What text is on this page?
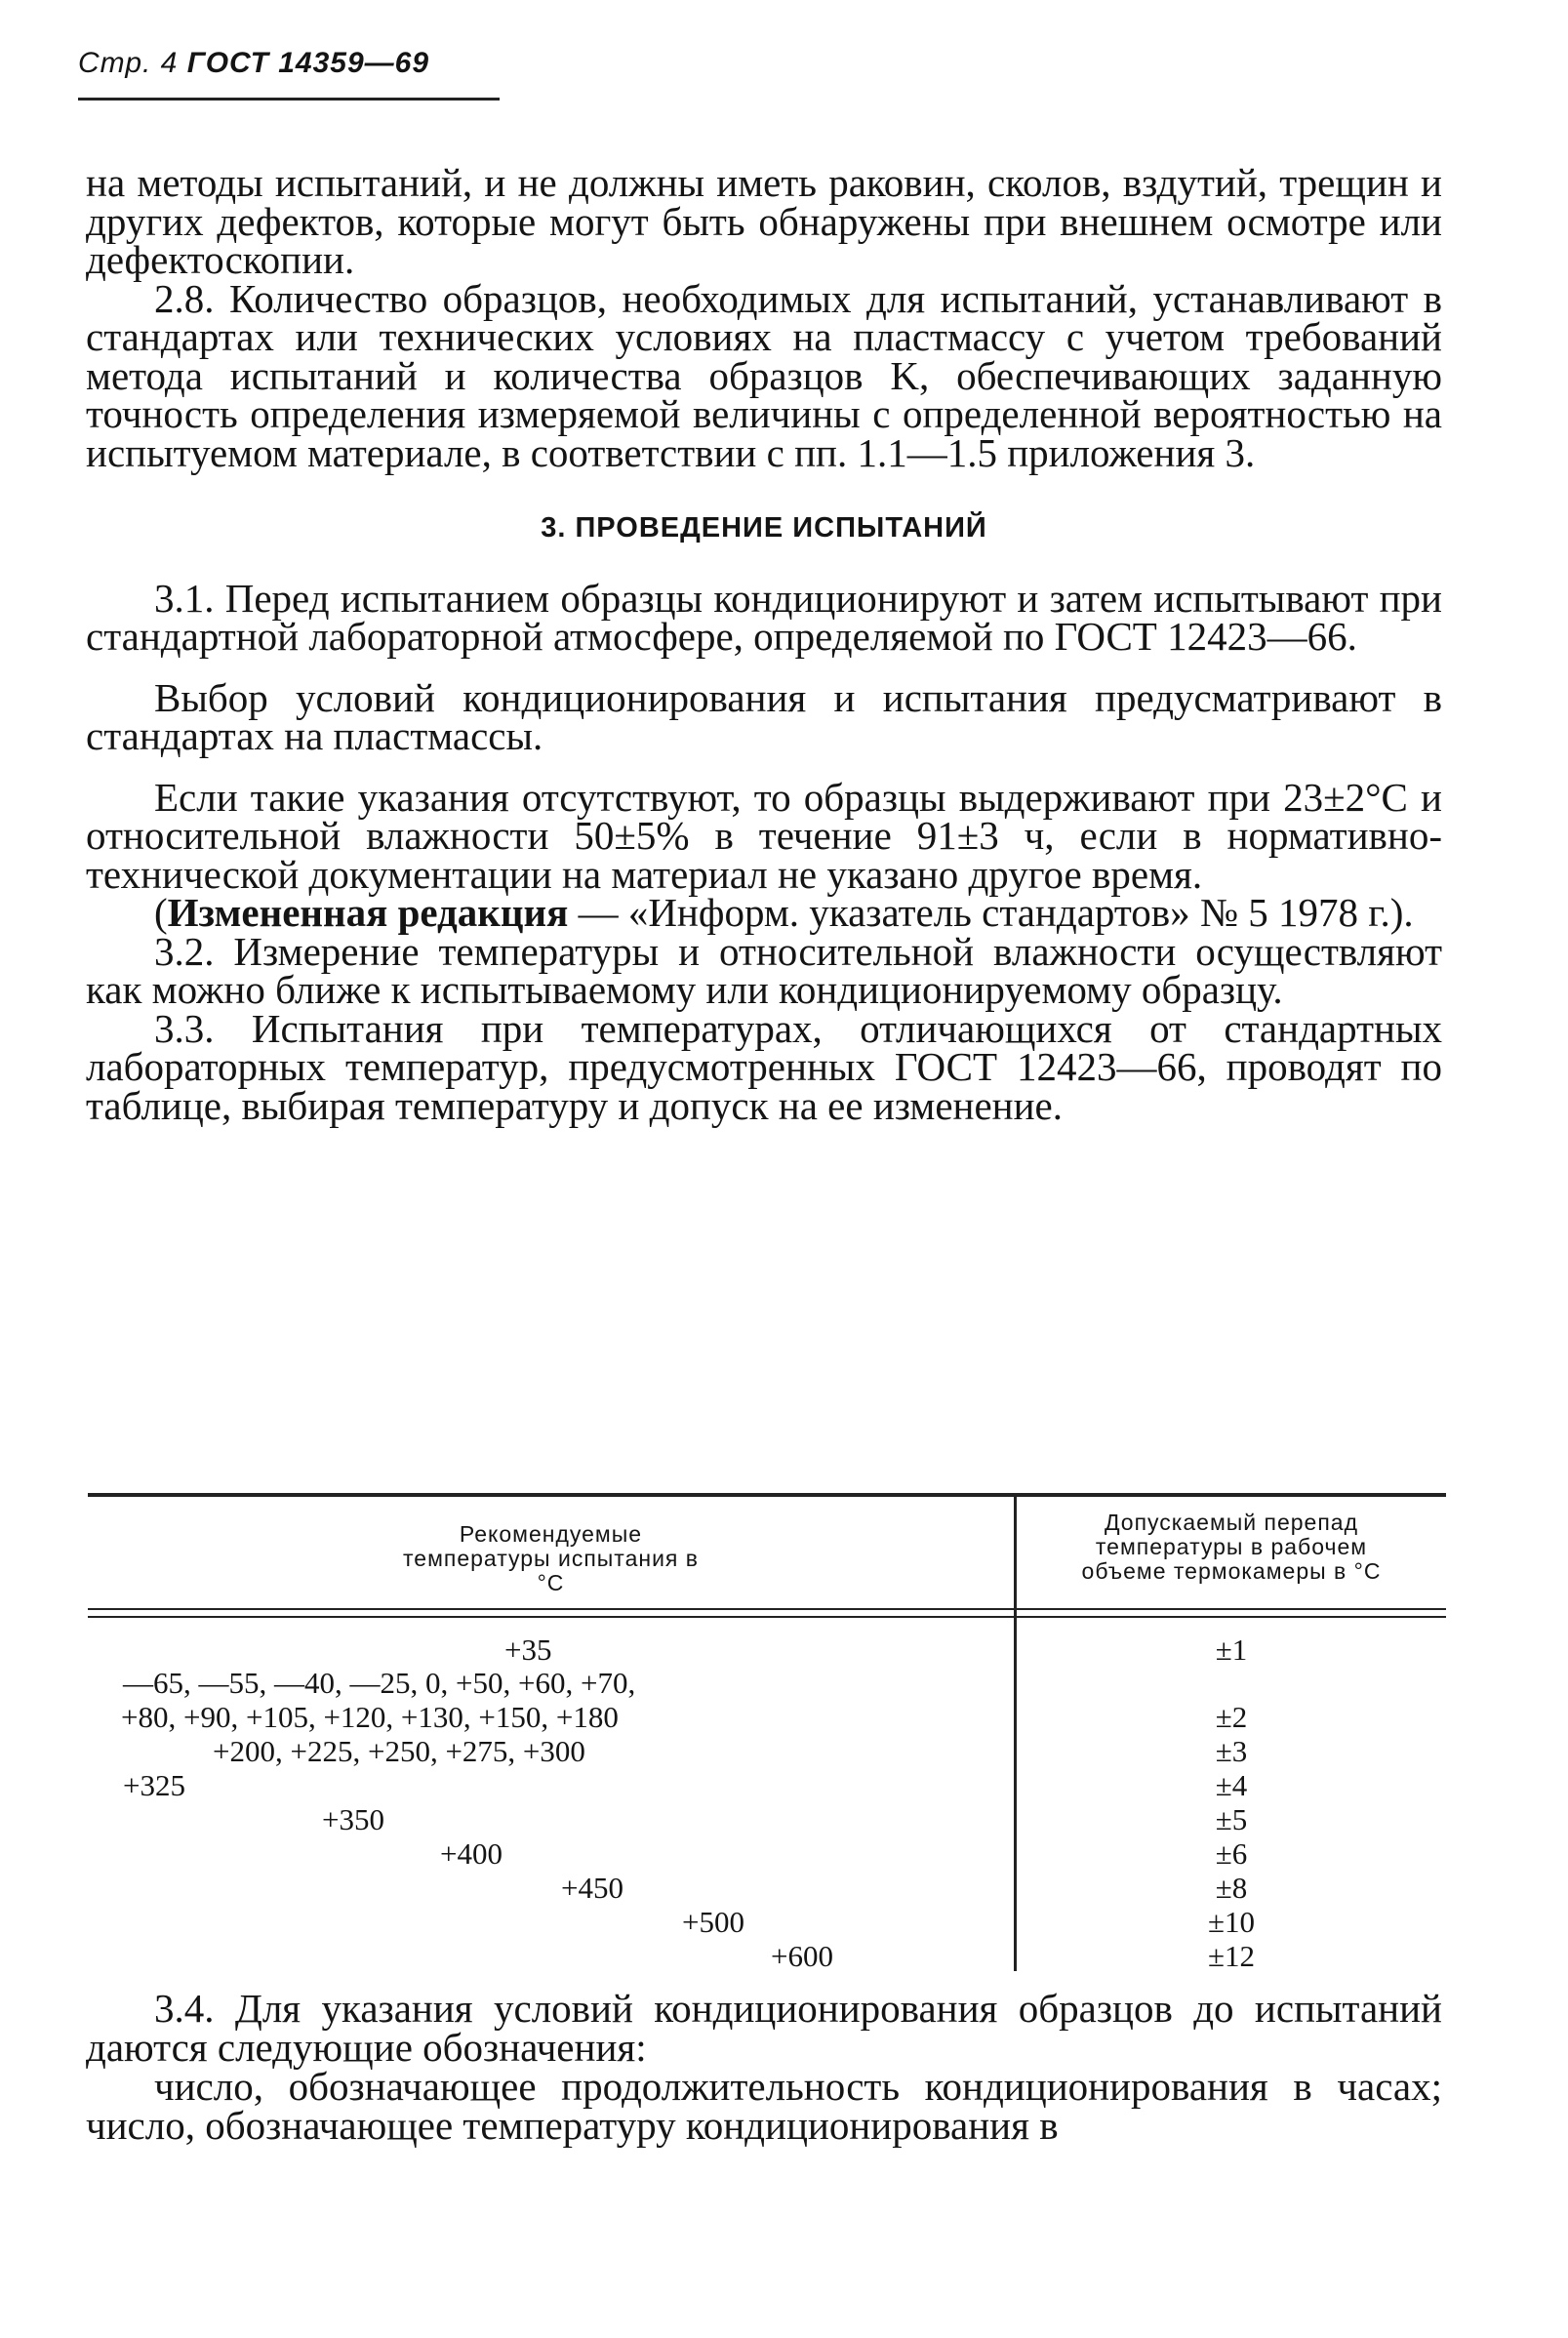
Стр. 4 ГОСТ 14359—69

на методы испытаний, и не должны иметь раковин, сколов, вздутий, трещин и других дефектов, которые могут быть обнаружены при внешнем осмотре или дефектоскопии.

2.8. Количество образцов, необходимых для испытаний, устанавливают в стандартах или технических условиях на пластмассу с учетом требований метода испытаний и количества образцов K, обеспечивающих заданную точность определения измеряемой величины с определенной вероятностью на испытуемом материале, в соответствии с пп. 1.1—1.5 приложения 3.

3. ПРОВЕДЕНИЕ ИСПЫТАНИЙ

3.1. Перед испытанием образцы кондиционируют и затем испытывают при стандартной лабораторной атмосфере, определяемой по ГОСТ 12423—66.

Выбор условий кондиционирования и испытания предусматривают в стандартах на пластмассы.

Если такие указания отсутствуют, то образцы выдерживают при 23±2°С и относительной влажности 50±5% в течение 91±3 ч, если в нормативно-технической документации на материал не указано другое время.

(Измененная редакция — «Информ. указатель стандартов» № 5 1978 г.).

3.2. Измерение температуры и относительной влажности осуществляют как можно ближе к испытываемому или кондиционируемому образцу.

3.3. Испытания при температурах, отличающихся от стандартных лабораторных температур, предусмотренных ГОСТ 12423—66, проводят по таблице, выбирая температуру и допуск на ее изменение.

Рекомендуемые температуры испытания в °С
Допускаемый перепад температуры в рабочем объеме термокамеры в °С
+35
—65, —55, —40, —25, 0, +50, +60, +70,
+80, +90, +105, +120, +130, +150, +180
+200, +225, +250, +275, +300
+325
+350
+400
+450
+500
+600
±1
±2
±3
±4
±5
±6
±8
±10
±12

3.4. Для указания условий кондиционирования образцов до испытаний даются следующие обозначения:

число, обозначающее продолжительность кондиционирования в часах; число, обозначающее температуру кондиционирования в
